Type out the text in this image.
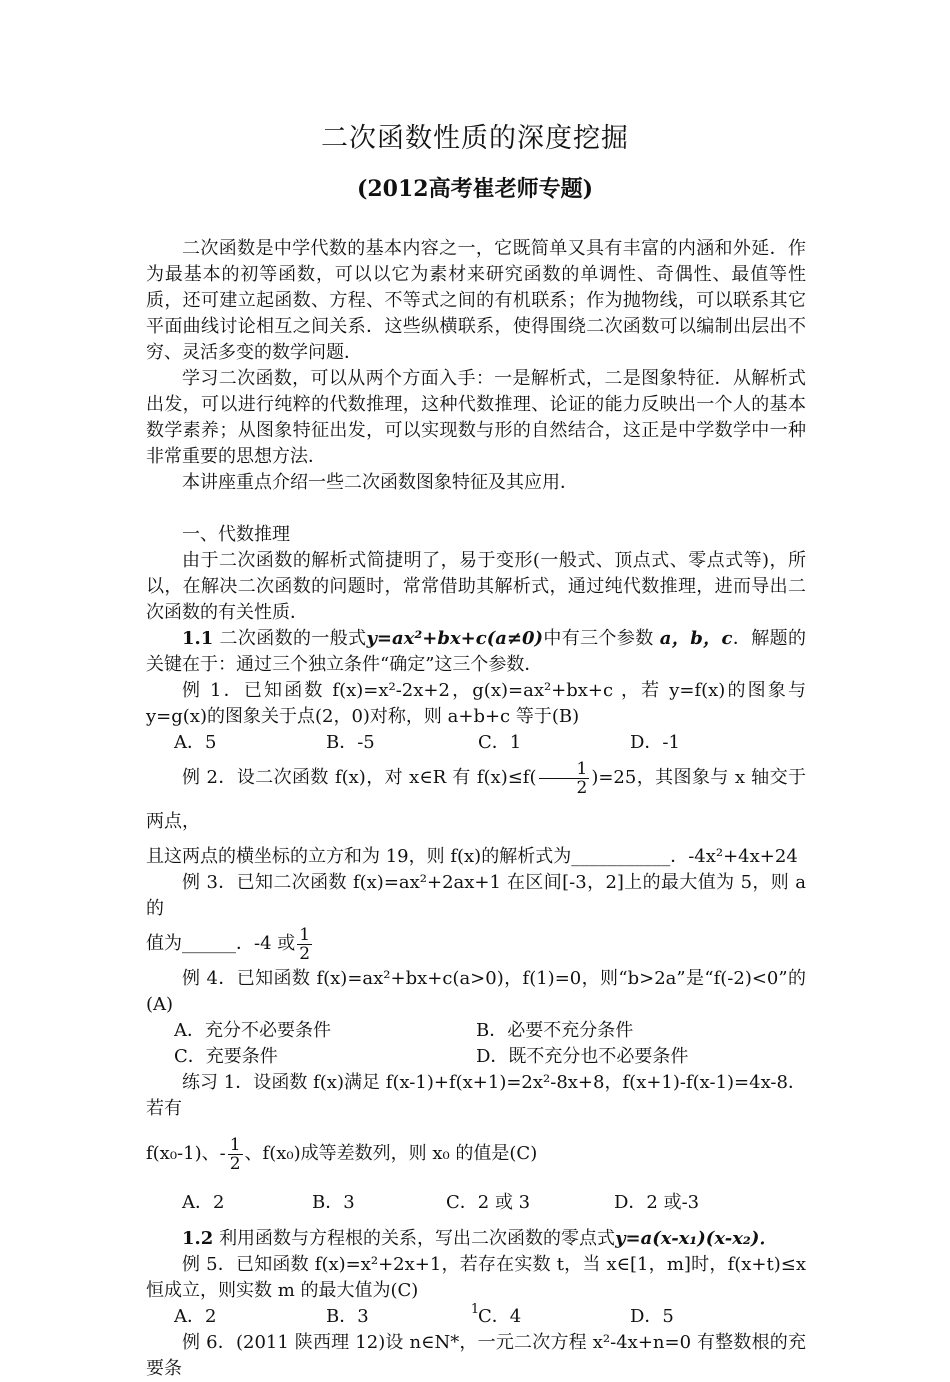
二次函数性质的深度挖掘
(2012高考崔老师专题)

二次函数是中学代数的基本内容之一，它既简单又具有丰富的内涵和外延．作为最基本的初等函数，可以以它为素材来研究函数的单调性、奇偶性、最值等性质，还可建立起函数、方程、不等式之间的有机联系；作为抛物线，可以联系其它平面曲线讨论相互之间关系．这些纵横联系，使得围绕二次函数可以编制出层出不穷、灵活多变的数学问题．

学习二次函数，可以从两个方面入手：一是解析式，二是图象特征．从解析式出发，可以进行纯粹的代数推理，这种代数推理、论证的能力反映出一个人的基本数学素养；从图象特征出发，可以实现数与形的自然结合，这正是中学数学中一种非常重要的思想方法．

本讲座重点介绍一些二次函数图象特征及其应用．

一、代数推理

由于二次函数的解析式简捷明了，易于变形(一般式、顶点式、零点式等)，所以，在解决二次函数的问题时，常常借助其解析式，通过纯代数推理，进而导出二次函数的有关性质．

1.1 二次函数的一般式y=ax²+bx+c(a≠0)中有三个参数 a，b，c．解题的关键在于：通过三个独立条件“确定”这三个参数．

例 1．已知函数 f(x)=x²-2x+2，g(x)=ax²+bx+c ，若 y=f(x)的图象与 y=g(x)的图象关于点(2，0)对称，则 a+b+c 等于(B)

A．5	B．-5	C．1	D．-1

例 2．设二次函数 f(x)，对 x∈R 有 $f(x)\le f( \frac{1}{2} )=25$，其图象与 x 轴交于两点，

且这两点的横坐标的立方和为 19，则 f(x)的解析式为___________．-4x²+4x+24

例 3．已知二次函数 f(x)=ax²+2ax+1 在区间[-3，2]上的最大值为 5，则 a 的

值为______．-4 或 $\frac{1}{2}$

例 4．已知函数 f(x)=ax²+bx+c(a>0)，f(1)=0，则“b>2a”是“f(-2)<0”的(A)

A．充分不必要条件	B．必要不充分条件
C．充要条件	D．既不充分也不必要条件

练习 1．设函数 f(x)满足 f(x-1)+f(x+1)=2x²-8x+8，f(x+1)-f(x-1)=4x-8．若有

f(x₀-1)、- $\frac{1}{2}$ 、f(x₀)成等差数列，则 x₀ 的值是(C)

A．2	B．3	C．2 或 3	D．2 或-3

1.2 利用函数与方程根的关系，写出二次函数的零点式y=a(x-x₁)(x-x₂)．

例 5．已知函数 f(x)=x²+2x+1，若存在实数 t，当 x∈[1，m]时，f(x+t)≤x 恒成立，则实数 m 的最大值为(C)

A．2	B．3	C．4	D．5

例 6．(2011 陕西理 12)设 n∈N*，一元二次方程 x²-4x+n=0 有整数根的充要条

1
